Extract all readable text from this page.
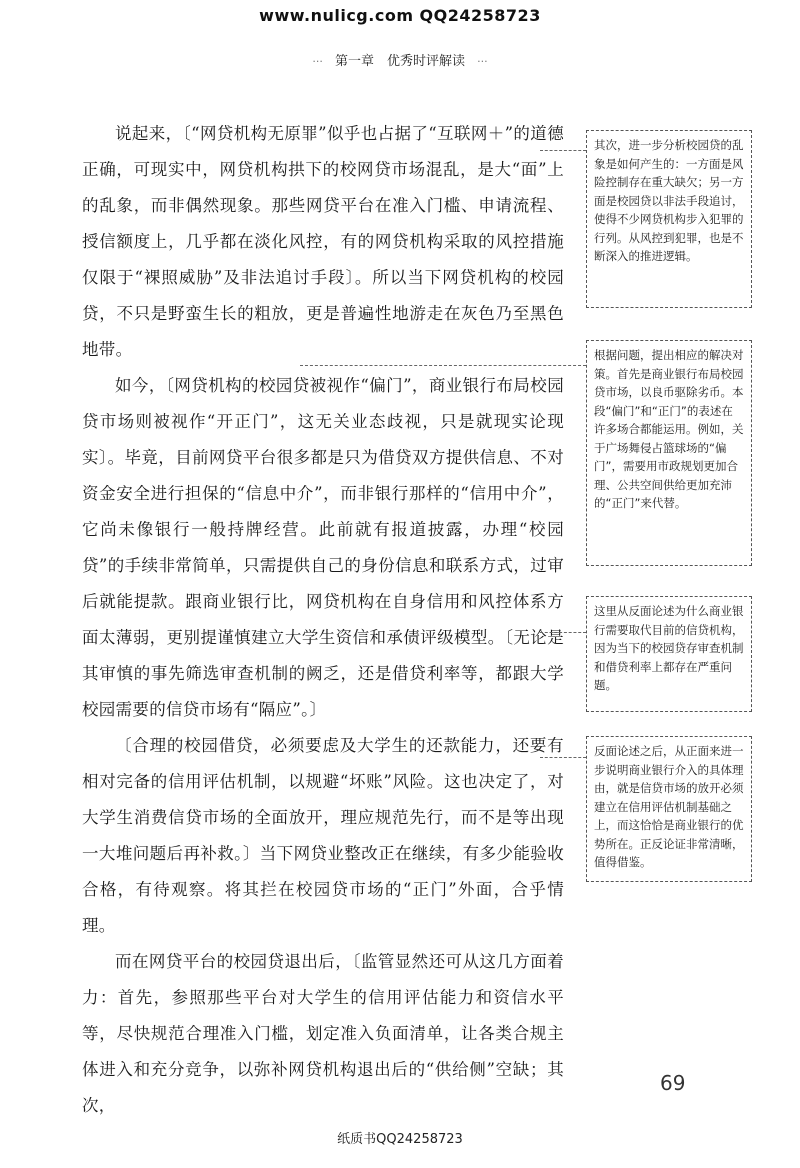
www.nulicg.com QQ24258723
··· 第一章　优秀时评解读 ···

说起来，〔“网贷机构无原罪”似乎也占据了“互联网＋”的道德正确，可现实中，网贷机构拱下的校网贷市场混乱，是大“面”上的乱象，而非偶然现象。那些网贷平台在准入门槛、申请流程、授信额度上，几乎都在淡化风控，有的网贷机构采取的风控措施仅限于“裸照威胁”及非法追讨手段〕。所以当下网贷机构的校园贷，不只是野蛮生长的粗放，更是普遍性地游走在灰色乃至黑色地带。

如今，〔网贷机构的校园贷被视作“偏门”，商业银行布局校园贷市场则被视作“开正门”，这无关业态歧视，只是就现实论现实〕。毕竟，目前网贷平台很多都是只为借贷双方提供信息、不对资金安全进行担保的“信息中介”，而非银行那样的“信用中介”，它尚未像银行一般持牌经营。此前就有报道披露，办理“校园贷”的手续非常简单，只需提供自己的身份信息和联系方式，过审后就能提款。跟商业银行比，网贷机构在自身信用和风控体系方面太薄弱，更别提谨慎建立大学生资信和承债评级模型。〔无论是其审慎的事先筛选审查机制的阙乏，还是借贷利率等，都跟大学校园需要的信贷市场有“隔应”。〕

〔合理的校园借贷，必须要虑及大学生的还款能力，还要有相对完备的信用评估机制，以规避“坏账”风险。这也决定了，对大学生消费信贷市场的全面放开，理应规范先行，而不是等出现一大堆问题后再补救。〕当下网贷业整改正在继续，有多少能验收合格，有待观察。将其拦在校园贷市场的“正门”外面，合乎情理。

而在网贷平台的校园贷退出后，〔监管显然还可从这几方面着力：首先，参照那些平台对大学生的信用评估能力和资信水平等，尽快规范合理准入门槛，划定准入负面清单，让各类合规主体进入和充分竞争，以弥补网贷机构退出后的“供给侧”空缺；其次，

其次，进一步分析校园贷的乱象是如何产生的：一方面是风险控制存在重大缺欠；另一方面是校园贷以非法手段追讨，使得不少网贷机构步入犯罪的行列。从风控到犯罪，也是不断深入的推进逻辑。
根据问题，提出相应的解决对策。首先是商业银行布局校园贷市场，以良币驱除劣币。本段“偏门”和“正门”的表述在许多场合都能运用。例如，关于广场舞侵占篮球场的“偏门”，需要用市政规划更加合理、公共空间供给更加充沛的“正门”来代替。
这里从反面论述为什么商业银行需要取代目前的信贷机构，因为当下的校园贷存审查机制和借贷利率上都存在严重问题。
反面论述之后，从正面来进一步说明商业银行介入的具体理由，就是信贷市场的放开必须建立在信用评估机制基础之上，而这恰恰是商业银行的优势所在。正反论证非常清晰，值得借鉴。
69
纸质书QQ24258723
